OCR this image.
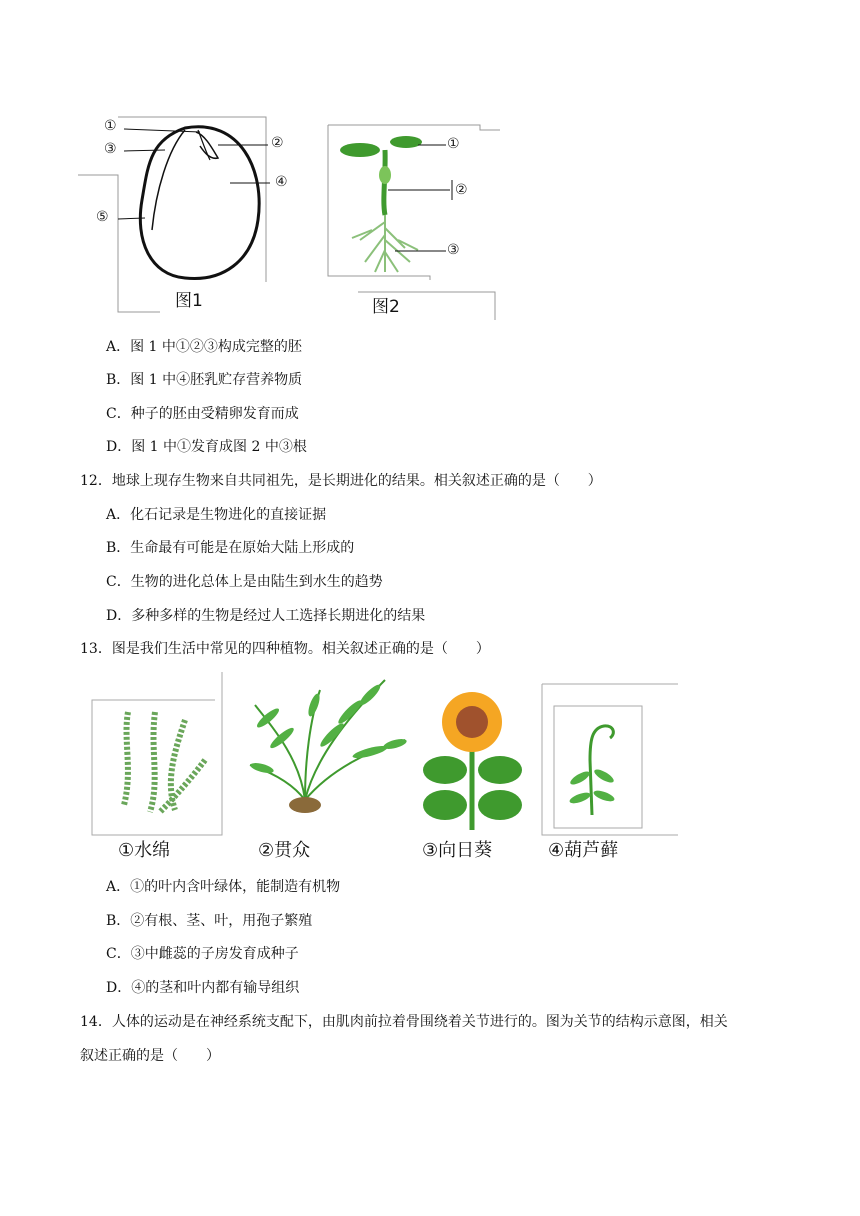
①
③
⑤
②
④
图1
①
②
③
图2
A．图 1 中①②③构成完整的胚
B．图 1 中④胚乳贮存营养物质
C．种子的胚由受精卵发育而成
D．图 1 中①发育成图 2 中③根
12．地球上现存生物来自共同祖先，是长期进化的结果。相关叙述正确的是（　　）
A．化石记录是生物进化的直接证据
B．生命最有可能是在原始大陆上形成的
C．生物的进化总体上是由陆生到水生的趋势
D．多种多样的生物是经过人工选择长期进化的结果
13．图是我们生活中常见的四种植物。相关叙述正确的是（　　）
①水绵	②贯众	③向日葵	④葫芦藓
A．①的叶内含叶绿体，能制造有机物
B．②有根、茎、叶，用孢子繁殖
C．③中雌蕊的子房发育成种子
D．④的茎和叶内都有输导组织
14．人体的运动是在神经系统支配下，由肌肉前拉着骨围绕着关节进行的。图为关节的结构示意图，相关
叙述正确的是（　　）
